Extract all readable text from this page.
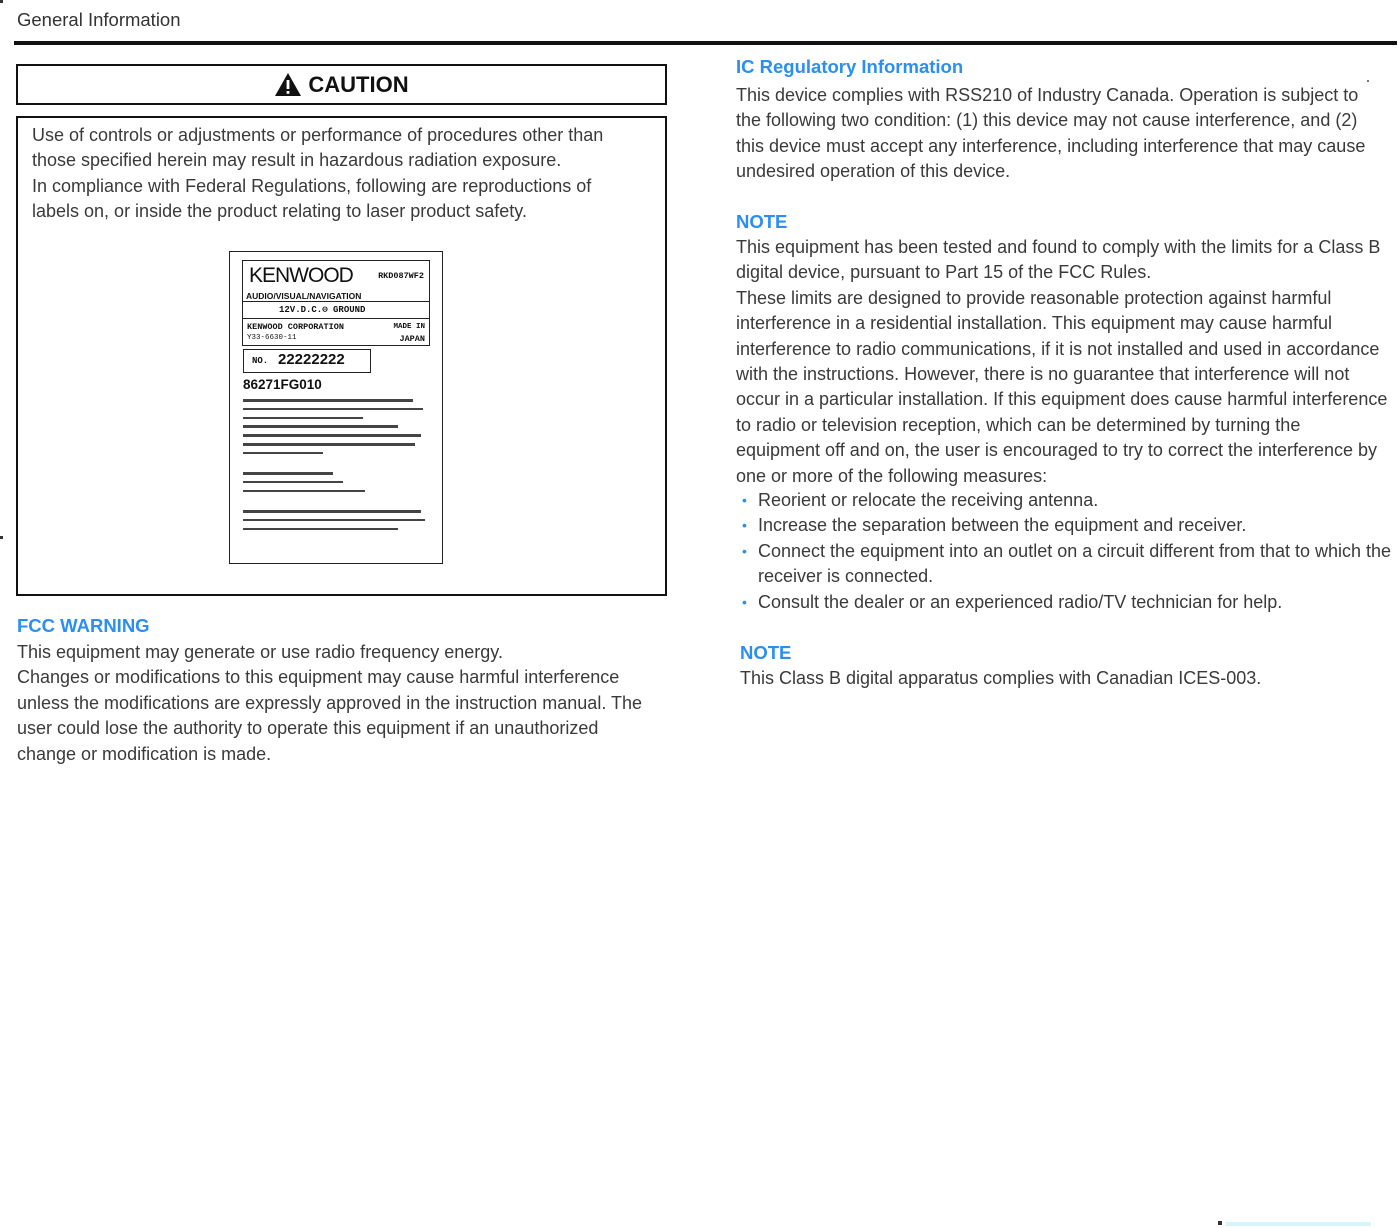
General Information
CAUTION

Use of controls or adjustments or performance of procedures other than those specified herein may result in hazardous radiation exposure.

In compliance with Federal Regulations, following are reproductions of labels on, or inside the product relating to laser product safety.

KENWOOD	RKD087WF2
AUDIO/VISUAL/NAVIGATION
12V.D.C.⊖ GROUND
KENWOOD CORPORATION	MADE IN
Y33-6630-11	JAPAN
NO. 22222222
86271FG010
FCC WARNING

This equipment may generate or use radio frequency energy.

Changes or modifications to this equipment may cause harmful interference unless the modifications are expressly approved in the instruction manual. The user could lose the authority to operate this equipment if an unauthorized change or modification is made.

IC Regulatory Information
This device complies with RSS210 of Industry Canada. Operation is subject to the following two condition: (1) this device may not cause interference, and (2) this device must accept any interference, including interference that may cause undesired operation of this device.
NOTE

This equipment has been tested and found to comply with the limits for a Class B digital device, pursuant to Part 15 of the FCC Rules.

These limits are designed to provide reasonable protection against harmful interference in a residential installation. This equipment may cause harmful interference to radio communications, if it is not installed and used in accordance with the instructions. However, there is no guarantee that interference will not occur in a particular installation. If this equipment does cause harmful interference to radio or television reception, which can be determined by turning the equipment off and on, the user is encouraged to try to correct the interference by one or more of the following measures:

• Reorient or relocate the receiving antenna.
• Increase the separation between the equipment and receiver.
• Connect the equipment into an outlet on a circuit different from that to which the receiver is connected.
• Consult the dealer or an experienced radio/TV technician for help.
NOTE
This Class B digital apparatus complies with Canadian ICES-003.
